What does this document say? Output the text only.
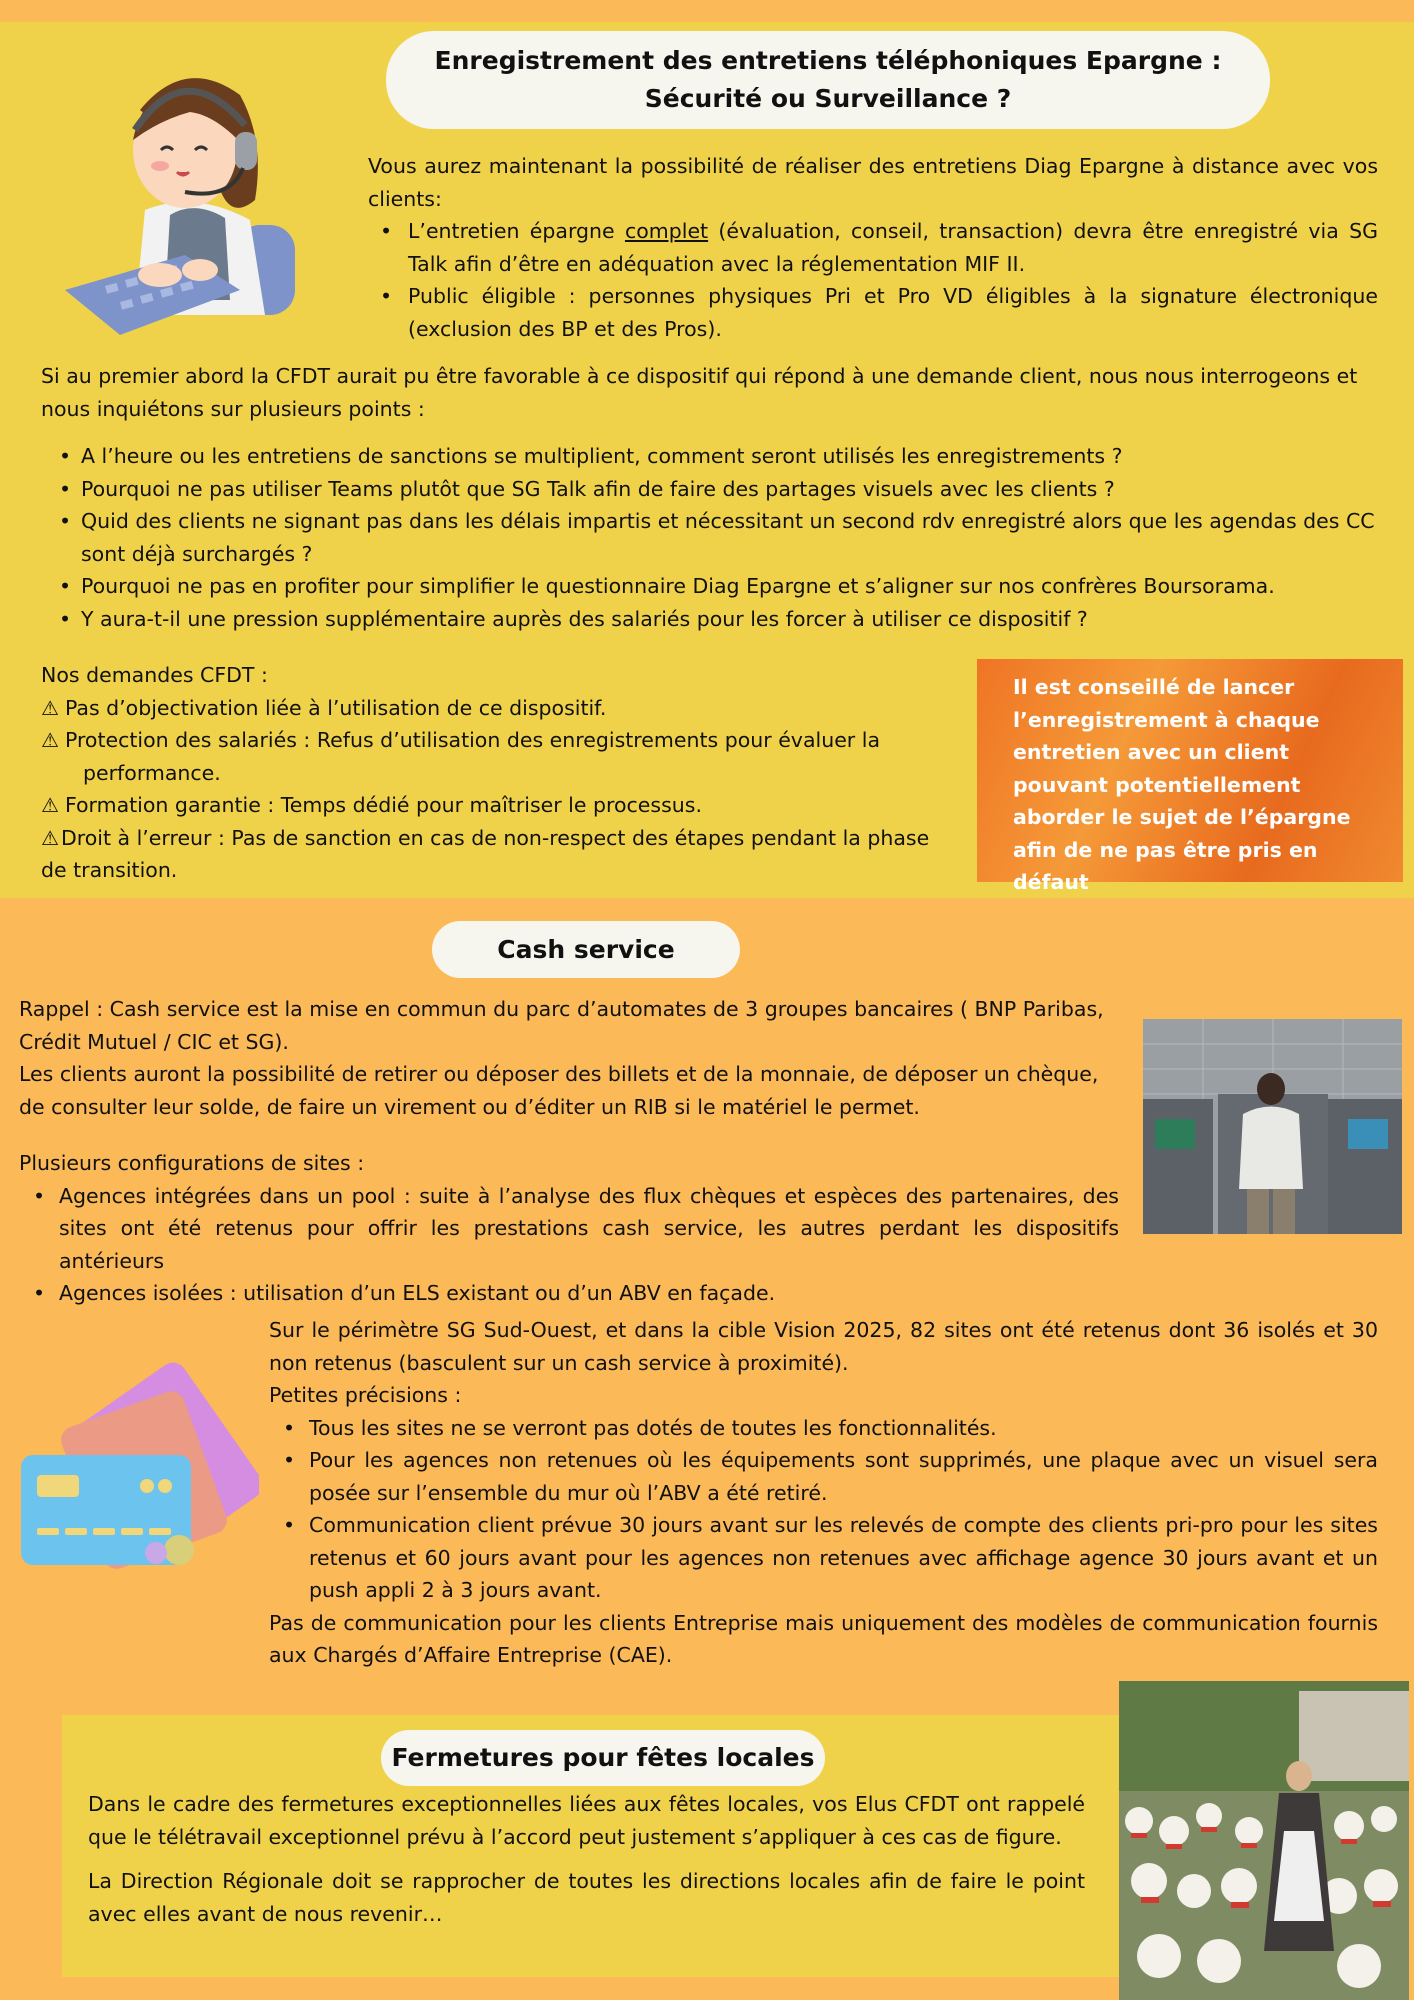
Enregistrement des entretiens téléphoniques Epargne :
Sécurité ou Surveillance ?

Vous aurez maintenant la possibilité de réaliser des entretiens Diag Epargne à distance avec vos clients:

• L’entretien épargne complet (évaluation, conseil, transaction) devra être enregistré via SG Talk afin d’être en adéquation avec la réglementation MIF II.
• Public éligible : personnes physiques Pri et Pro VD éligibles à la signature électronique (exclusion des BP et des Pros).
Si au premier abord la CFDT aurait pu être favorable à ce dispositif qui répond à une demande client, nous nous interrogeons et nous inquiétons sur plusieurs points :
• A l’heure ou les entretiens de sanctions se multiplient, comment seront utilisés les enregistrements ?
• Pourquoi ne pas utiliser Teams plutôt que SG Talk afin de faire des partages visuels avec les clients ?
• Quid des clients ne signant pas dans les délais impartis et nécessitant un second rdv enregistré alors que les agendas des CC sont déjà surchargés ?
• Pourquoi ne pas en profiter pour simplifier le questionnaire Diag Epargne et s’aligner sur nos confrères Boursorama.
• Y aura-t-il une pression supplémentaire auprès des salariés pour les forcer à utiliser ce dispositif ?
Nos demandes CFDT :
⚠ Pas d’objectivation liée à l’utilisation de ce dispositif.
⚠ Protection des salariés : Refus d’utilisation des enregistrements pour évaluer la
performance.
⚠ Formation garantie : Temps dédié pour maîtriser le processus.
⚠Droit à l’erreur : Pas de sanction en cas de non-respect des étapes pendant la phase
de transition.
Il est conseillé de lancer l’enregistrement à chaque entretien avec un client pouvant potentiellement aborder le sujet de l’épargne afin de ne pas être pris en défaut
Cash service
Rappel : Cash service est la mise en commun du parc d’automates de 3 groupes bancaires ( BNP Paribas,
Crédit Mutuel / CIC et SG).
Les clients auront la possibilité de retirer ou déposer des billets et de la monnaie, de déposer un chèque,
de consulter leur solde, de faire un virement ou d’éditer un RIB si le matériel le permet.
Plusieurs configurations de sites :
• Agences intégrées dans un pool : suite à l’analyse des flux chèques et espèces des partenaires, des sites ont été retenus pour offrir les prestations cash service, les autres perdant les dispositifs antérieurs
• Agences isolées : utilisation d’un ELS existant ou d’un ABV en façade.

Sur le périmètre SG Sud-Ouest, et dans la cible Vision 2025, 82 sites ont été retenus dont 36 isolés et 30 non retenus (basculent sur un cash service à proximité).

Petites précisions :

• Tous les sites ne se verront pas dotés de toutes les fonctionnalités.
• Pour les agences non retenues où les équipements sont supprimés, une plaque avec un visuel sera posée sur l’ensemble du mur où l’ABV a été retiré.
• Communication client prévue 30 jours avant sur les relevés de compte des clients pri-pro pour les sites retenus et 60 jours avant pour les agences non retenues avec affichage agence 30 jours avant et un push appli 2 à 3 jours avant.

Pas de communication pour les clients Entreprise mais uniquement des modèles de communication fournis aux Chargés d’Affaire Entreprise (CAE).

Fermetures pour fêtes locales

Dans le cadre des fermetures exceptionnelles liées aux fêtes locales, vos Elus CFDT ont rappelé que le télétravail exceptionnel prévu à l’accord peut justement s’appliquer à ces cas de figure.

La Direction Régionale doit se rapprocher de toutes les directions locales afin de faire le point avec elles avant de nous revenir…
